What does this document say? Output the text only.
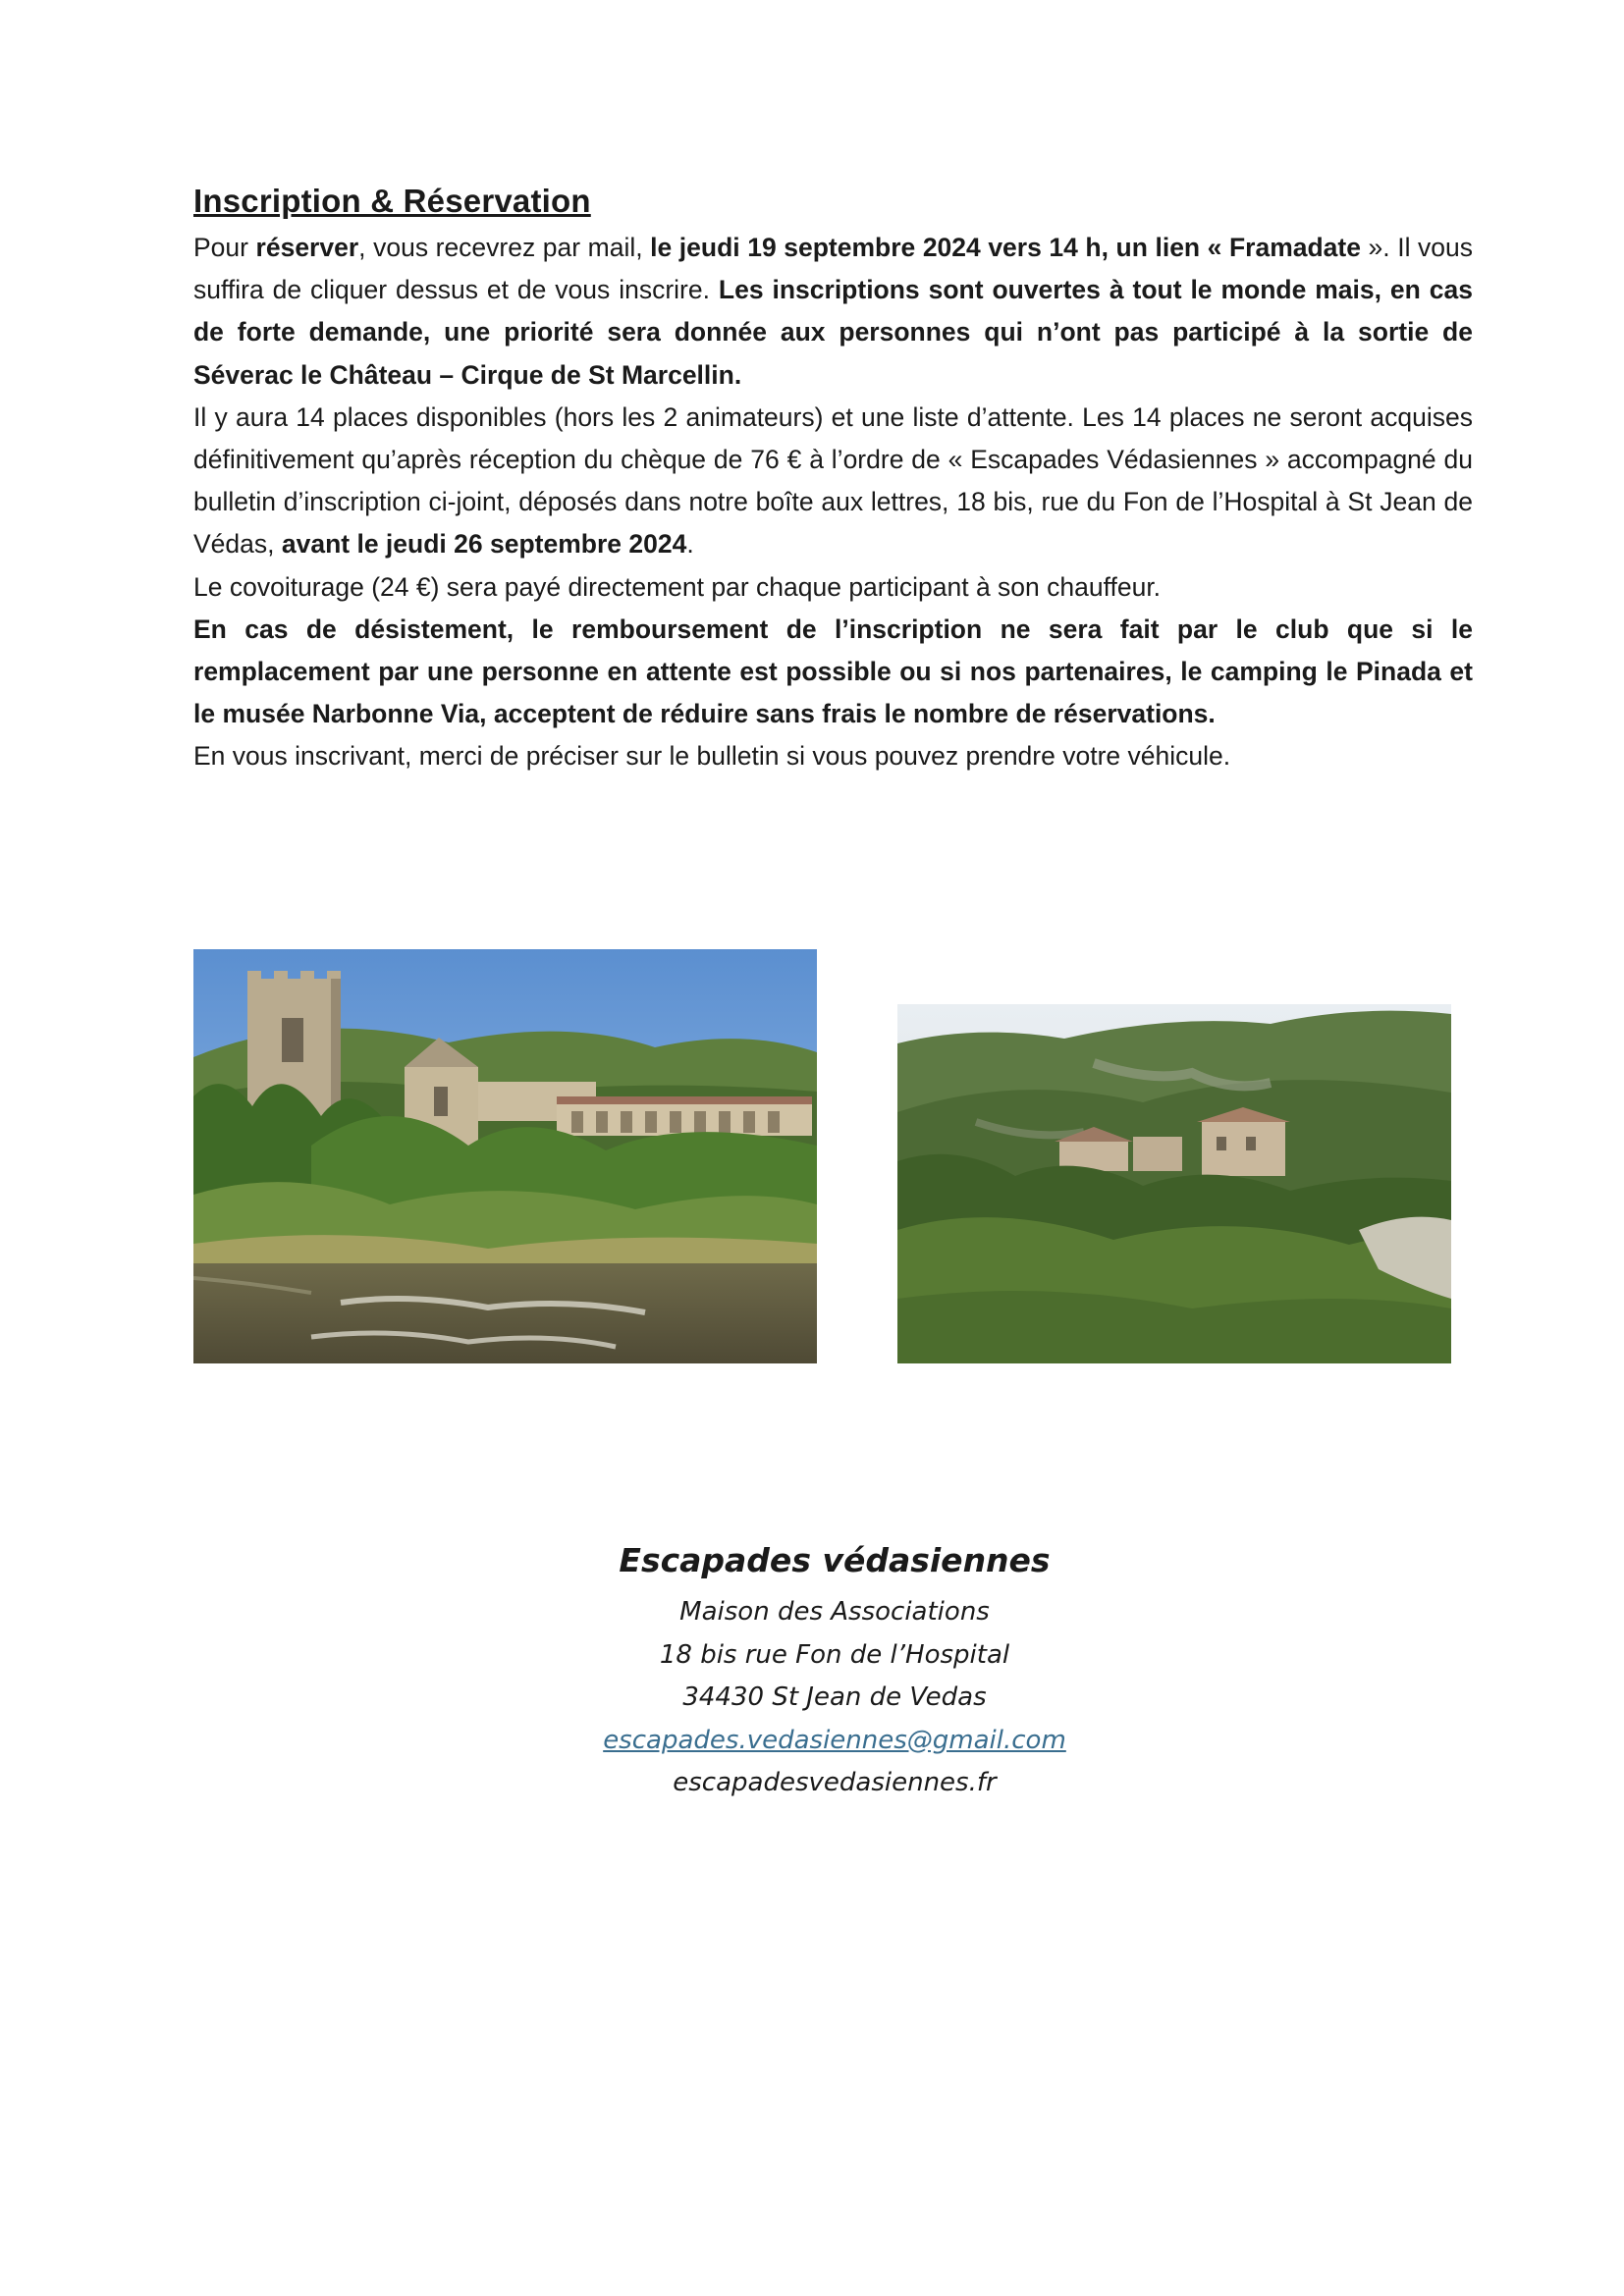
Inscription & Réservation

Pour réserver, vous recevrez par mail, le jeudi 19 septembre 2024 vers 14 h, un lien « Framadate ». Il vous suffira de cliquer dessus et de vous inscrire. Les inscriptions sont ouvertes à tout le monde mais, en cas de forte demande, une priorité sera donnée aux personnes qui n’ont pas participé à la sortie de Séverac le Château – Cirque de St Marcellin.

Il y aura 14 places disponibles (hors les 2 animateurs) et une liste d’attente. Les 14 places ne seront acquises définitivement qu’après réception du chèque de 76 € à l’ordre de « Escapades Védasiennes » accompagné du bulletin d’inscription ci-joint, déposés dans notre boîte aux lettres, 18 bis, rue du Fon de l’Hospital à St Jean de Védas, avant le jeudi 26 septembre 2024.

Le covoiturage (24 €) sera payé directement par chaque participant à son chauffeur.

En cas de désistement, le remboursement de l’inscription ne sera fait par le club que si le remplacement par une personne en attente est possible ou si nos partenaires, le camping le Pinada et le musée Narbonne Via, acceptent de réduire sans frais le nombre de réservations.

En vous inscrivant, merci de préciser sur le bulletin si vous pouvez prendre votre véhicule.

Escapades védasiennes

Maison des Associations

18 bis rue Fon de l’Hospital

34430 St Jean de Vedas

escapades.vedasiennes@gmail.com

escapadesvedasiennes.fr
